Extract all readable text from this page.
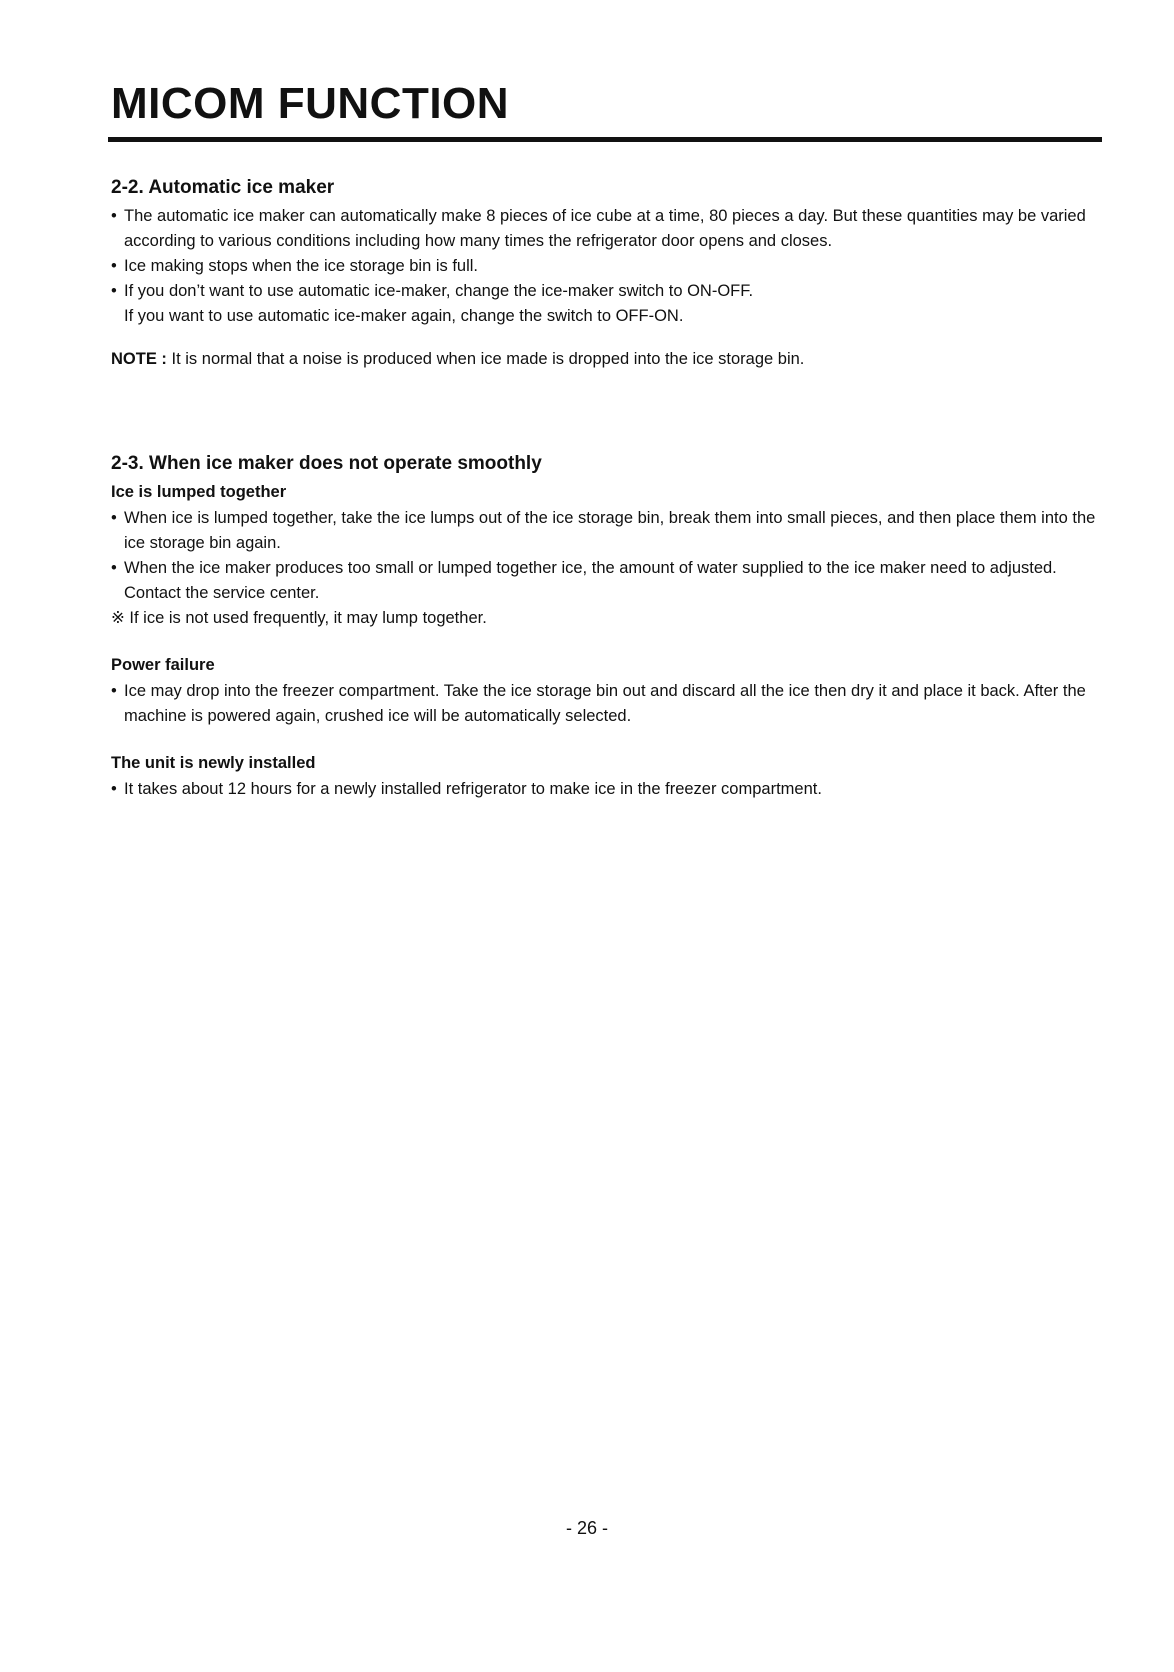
MICOM FUNCTION
2-2. Automatic ice maker
• The automatic ice maker can automatically make 8 pieces of ice cube at a time, 80 pieces a day. But these quantities may be varied according to various conditions including how many times the refrigerator door opens and closes.
• Ice making stops when the ice storage bin is full.
• If you don’t want to use automatic ice-maker, change the ice-maker switch to ON-OFF.

If you want to use automatic ice-maker again, change the switch to OFF-ON.

NOTE : It is normal that a noise is produced when ice made is dropped into the ice storage bin.

2-3. When ice maker does not operate smoothly
Ice is lumped together
• When ice is lumped together, take the ice lumps out of the ice storage bin, break them into small pieces, and then place them into the ice storage bin again.
• When the ice maker produces too small or lumped together ice, the amount of water supplied to the ice maker need to adjusted. Contact the service center.

※ If ice is not used frequently, it may lump together.

Power failure
• Ice may drop into the freezer compartment. Take the ice storage bin out and discard all the ice then dry it and place it back. After the machine is powered again, crushed ice will be automatically selected.
The unit is newly installed
• It takes about 12 hours for a newly installed refrigerator to make ice in the freezer compartment.
- 26 -
